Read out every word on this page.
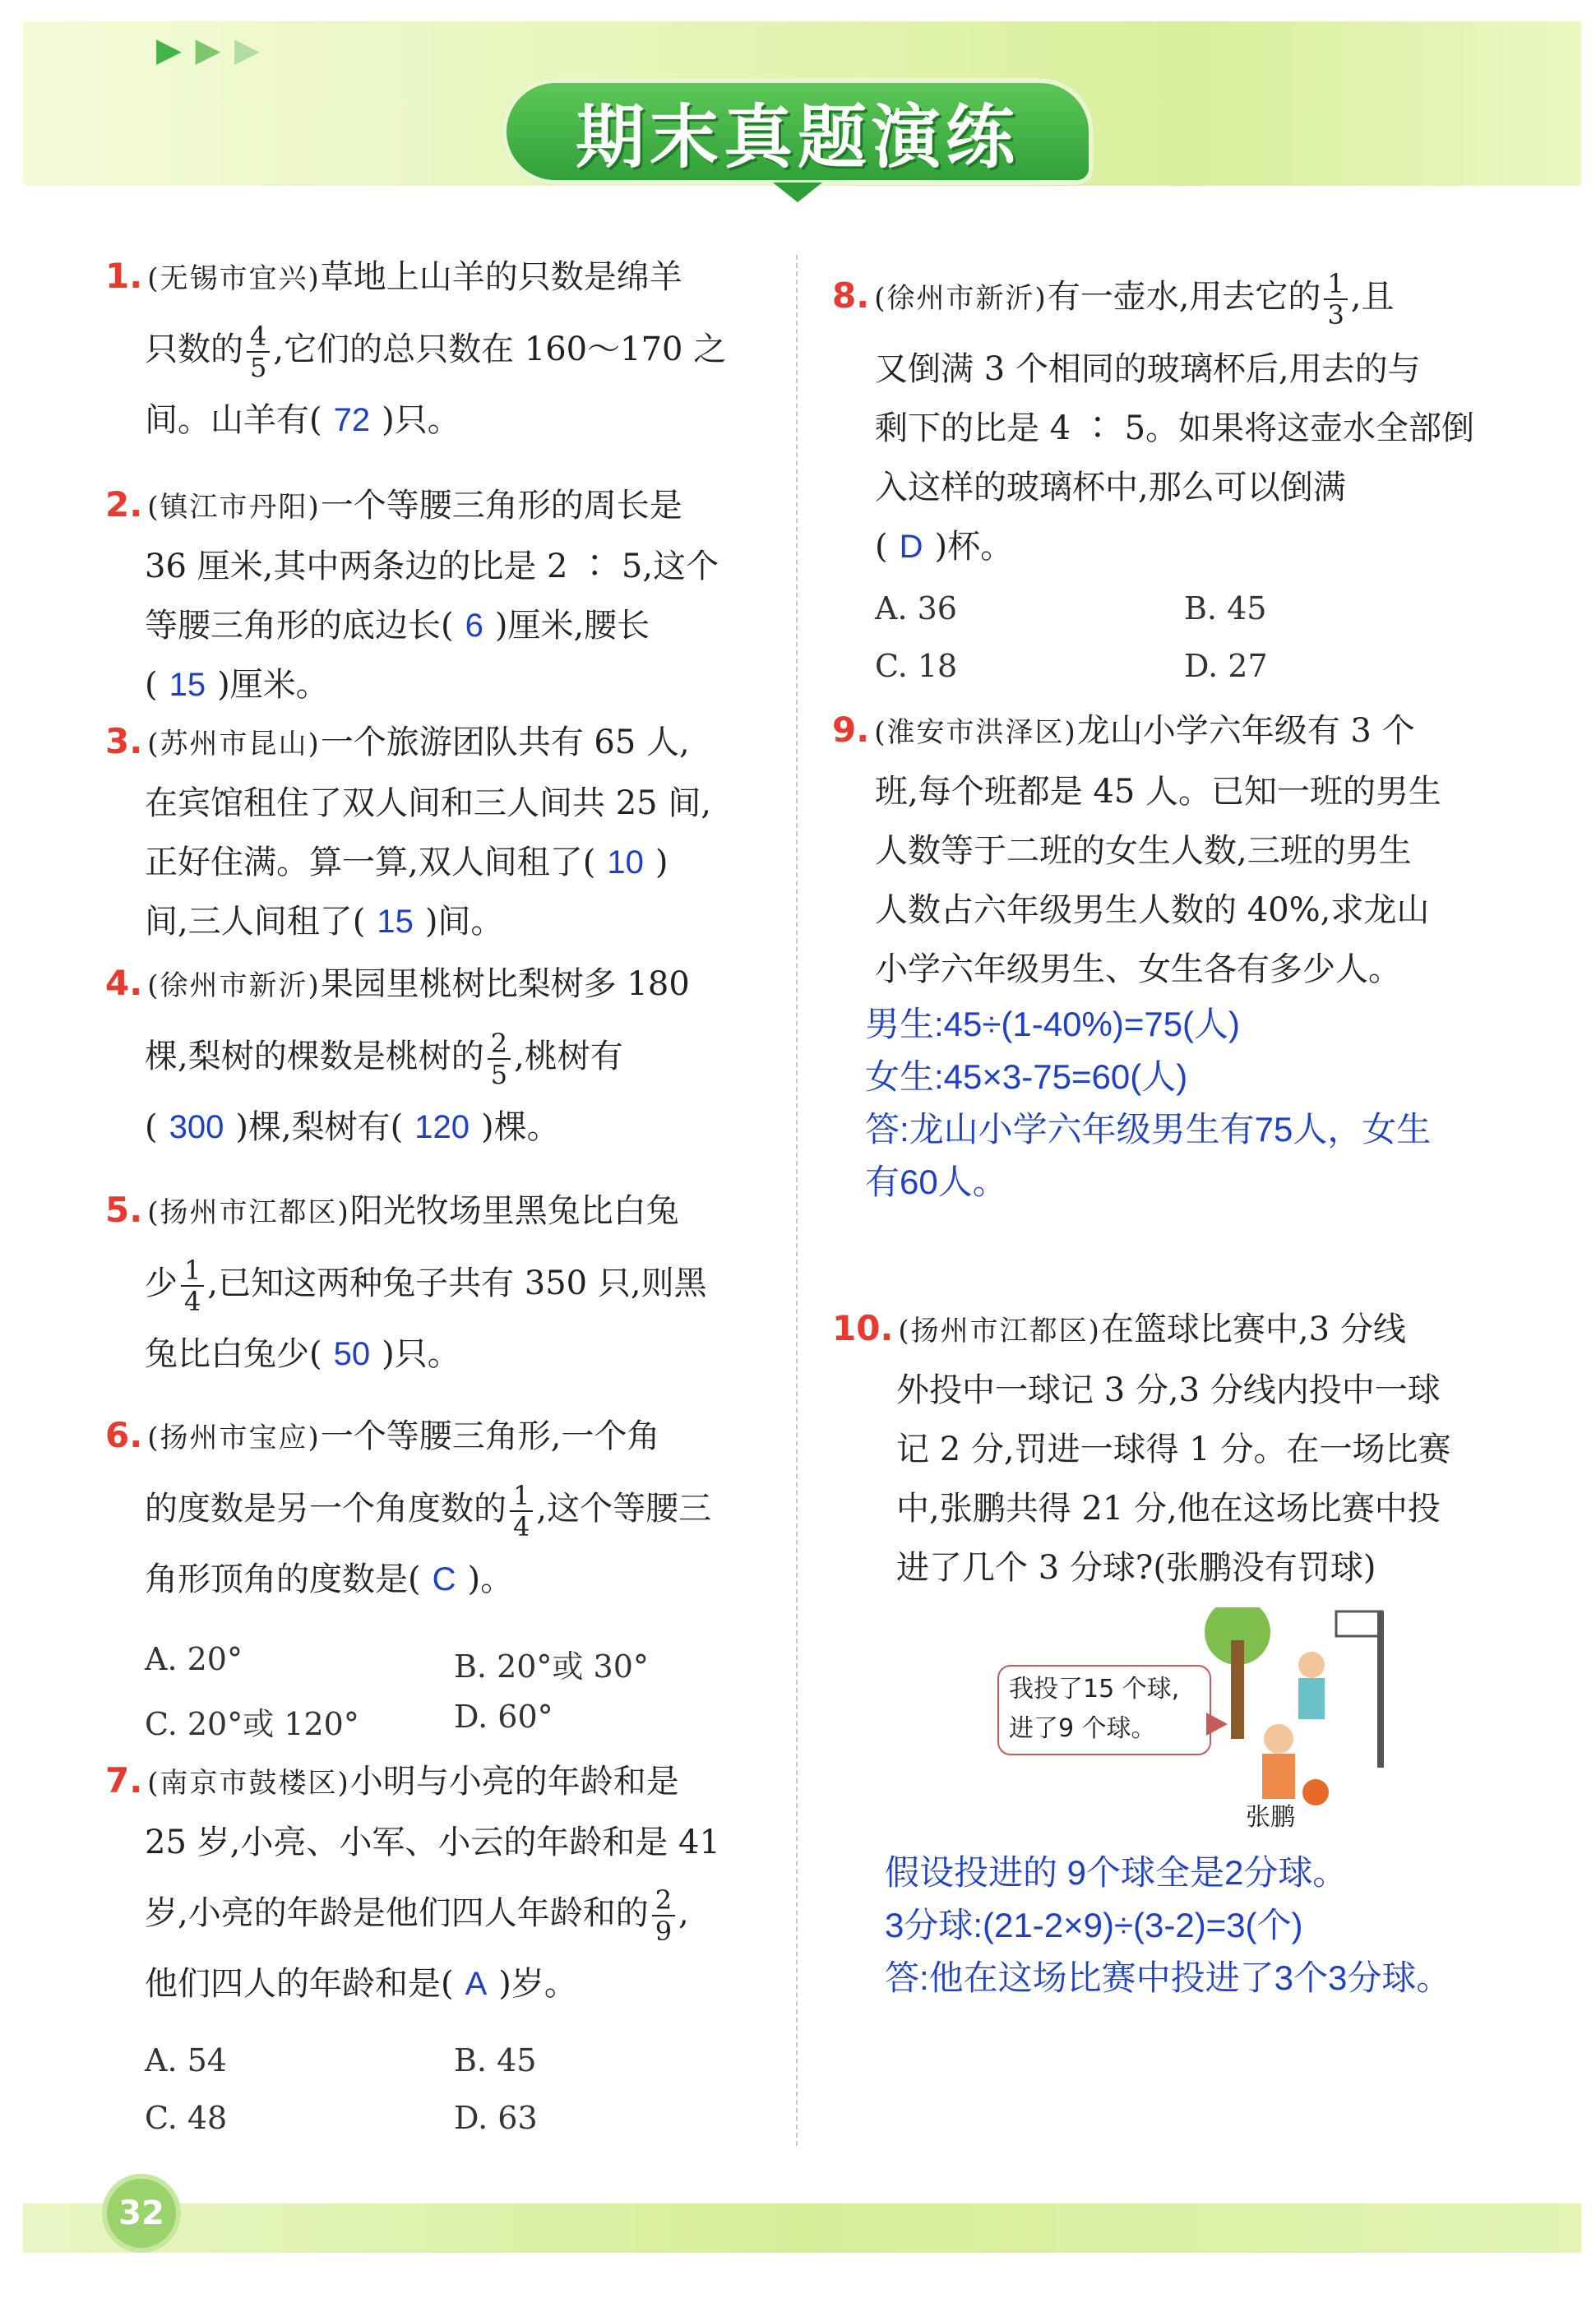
▶ ▶ ▶
期末真题演练
1. (无锡市宜兴)草地上山羊的只数是绵羊
只数的 $\frac{4}{5}$ ,它们的总只数在 160～170 之
间。山羊有( 72 )只。
2. (镇江市丹阳)一个等腰三角形的周长是
36 厘米,其中两条边的比是 2 ∶ 5,这个
等腰三角形的底边长( 6 )厘米,腰长
( 15 )厘米。
3. (苏州市昆山)一个旅游团队共有 65 人,
在宾馆租住了双人间和三人间共 25 间,
正好住满。算一算,双人间租了( 10 )
间,三人间租了( 15 )间。
4. (徐州市新沂)果园里桃树比梨树多 180
棵,梨树的棵数是桃树的 $\frac{2}{5}$ ,桃树有
( 300 )棵,梨树有( 120 )棵。
5. (扬州市江都区)阳光牧场里黑兔比白兔
少 $\frac{1}{4}$ ,已知这两种兔子共有 350 只,则黑
兔比白兔少( 50 )只。
6. (扬州市宝应)一个等腰三角形,一个角
的度数是另一个角度数的 $\frac{1}{4}$ ,这个等腰三
角形顶角的度数是( C )。
A. 20°	B. 20°或 30°
C. 20°或 120°	D. 60°
7. (南京市鼓楼区)小明与小亮的年龄和是
25 岁,小亮、小军、小云的年龄和是 41
岁,小亮的年龄是他们四人年龄和的 $\frac{2}{9}$ ,
他们四人的年龄和是( A )岁。
A. 54	B. 45
C. 48	D. 63
8. (徐州市新沂)有一壶水,用去它的 $\frac{1}{3}$ ,且
又倒满 3 个相同的玻璃杯后,用去的与
剩下的比是 4 ∶ 5。如果将这壶水全部倒
入这样的玻璃杯中,那么可以倒满
( D )杯。
A. 36	B. 45
C. 18	D. 27
9. (淮安市洪泽区)龙山小学六年级有 3 个
班,每个班都是 45 人。已知一班的男生
人数等于二班的女生人数,三班的男生
人数占六年级男生人数的 40%,求龙山
小学六年级男生、女生各有多少人。
男生:45÷(1-40%)=75(人)
女生:45×3-75=60(人)
答:龙山小学六年级男生有75人，女生
有60人。
10. (扬州市江都区)在篮球比赛中,3 分线
外投中一球记 3 分,3 分线内投中一球
记 2 分,罚进一球得 1 分。在一场比赛
中,张鹏共得 21 分,他在这场比赛中投
进了几个 3 分球?(张鹏没有罚球)
我投了15 个球,
进了9 个球。
张鹏
假设投进的 9个球全是2分球。
3分球:(21-2×9)÷(3-2)=3(个)
答:他在这场比赛中投进了3个3分球。
32
